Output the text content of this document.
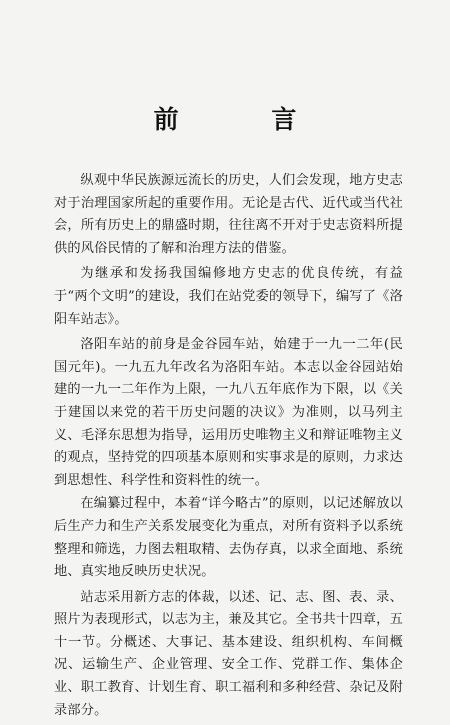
前 言

纵观中华民族源远流长的历史，人们会发现，地方史志对于治理国家所起的重要作用。无论是古代、近代或当代社会，所有历史上的鼎盛时期，往往离不开对于史志资料所提供的风俗民情的了解和治理方法的借鉴。

为继承和发扬我国编修地方史志的优良传统，有益于“两个文明”的建设，我们在站党委的领导下，编写了《洛阳车站志》。

洛阳车站的前身是金谷园车站，始建于一九一二年(民国元年)。一九五九年改名为洛阳车站。本志以金谷园站始建的一九一二年作为上限，一九八五年底作为下限，以《关于建国以来党的若干历史问题的决议》为准则，以马列主义、毛泽东思想为指导，运用历史唯物主义和辩证唯物主义的观点，坚持党的四项基本原则和实事求是的原则，力求达到思想性、科学性和资料性的统一。

在编纂过程中，本着“详今略古”的原则，以记述解放以后生产力和生产关系发展变化为重点，对所有资料予以系统整理和筛选，力图去粗取精、去伪存真，以求全面地、系统地、真实地反映历史状况。

站志采用新方志的体裁，以述、记、志、图、表、录、照片为表现形式，以志为主，兼及其它。全书共十四章，五十一节。分概述、大事记、基本建设、组织机构、车间概况、运输生产、企业管理、安全工作、党群工作、集体企业、职工教育、计划生育、职工福利和多种经营、杂记及附录部分。
